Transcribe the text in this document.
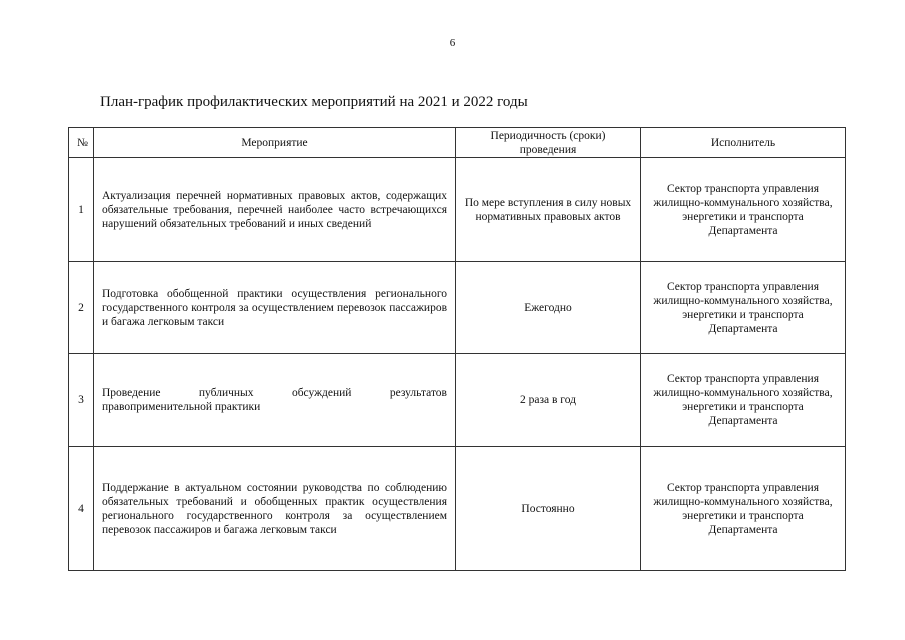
6
План-график профилактических мероприятий на 2021 и 2022 годы
№	Мероприятие	Периодичность (сроки) проведения	Исполнитель
1	Актуализация перечней нормативных правовых актов, содержащих обязательные требования, перечней наиболее часто встречающихся нарушений обязательных требований и иных сведений	По мере вступления в силу новых нормативных правовых актов	Сектор транспорта управления жилищно-коммунального хозяйства, энергетики и транспорта Департамента
2	Подготовка обобщенной практики осуществления регионального государственного контроля за осуществлением перевозок пассажиров и багажа легковым такси	Ежегодно	Сектор транспорта управления жилищно-коммунального хозяйства, энергетики и транспорта Департамента
3	Проведение публичных обсуждений результатов правоприменительной практики	2 раза в год	Сектор транспорта управления жилищно-коммунального хозяйства, энергетики и транспорта Департамента
4	Поддержание в актуальном состоянии руководства по соблюдению обязательных требований и обобщенных практик осуществления регионального государственного контроля за осуществлением перевозок пассажиров и багажа легковым такси	Постоянно	Сектор транспорта управления жилищно-коммунального хозяйства, энергетики и транспорта Департамента
